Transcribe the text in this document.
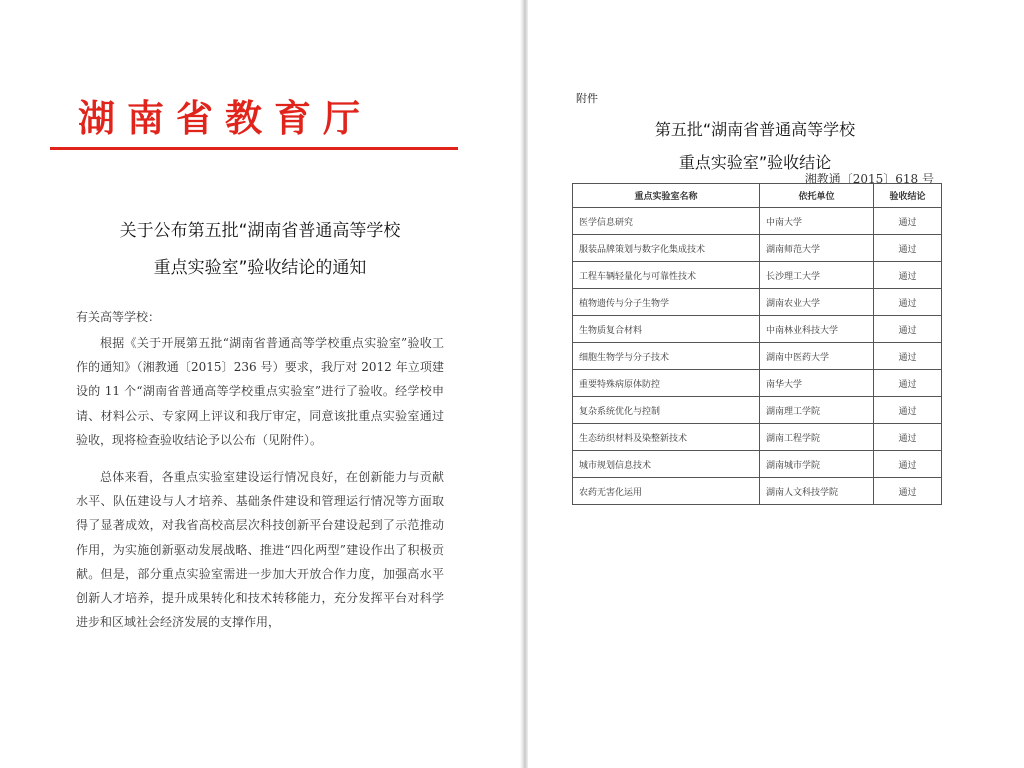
湖南省教育厅
湘教通〔2015〕618 号
关于公布第五批“湖南省普通高等学校
重点实验室”验收结论的通知
有关高等学校：
根据《关于开展第五批“湖南省普通高等学校重点实验室”验收工作的通知》（湘教通〔2015〕236 号）要求，我厅对 2012 年立项建设的 11 个“湖南省普通高等学校重点实验室”进行了验收。经学校申请、材料公示、专家网上评议和我厅审定，同意该批重点实验室通过验收，现将检查验收结论予以公布（见附件）。
总体来看，各重点实验室建设运行情况良好，在创新能力与贡献水平、队伍建设与人才培养、基础条件建设和管理运行情况等方面取得了显著成效，对我省高校高层次科技创新平台建设起到了示范推动作用，为实施创新驱动发展战略、推进“四化两型”建设作出了积极贡献。但是，部分重点实验室需进一步加大开放合作力度，加强高水平创新人才培养，提升成果转化和技术转移能力，充分发挥平台对科学进步和区域社会经济发展的支撑作用，
附件
第五批“湖南省普通高等学校
重点实验室”验收结论
重点实验室名称	依托单位	验收结论
医学信息研究	中南大学	通过
服装品牌策划与数字化集成技术	湖南师范大学	通过
工程车辆轻量化与可靠性技术	长沙理工大学	通过
植物遗传与分子生物学	湖南农业大学	通过
生物质复合材料	中南林业科技大学	通过
细胞生物学与分子技术	湖南中医药大学	通过
重要特殊病原体防控	南华大学	通过
复杂系统优化与控制	湖南理工学院	通过
生态纺织材料及染整新技术	湖南工程学院	通过
城市规划信息技术	湖南城市学院	通过
农药无害化运用	湖南人文科技学院	通过
